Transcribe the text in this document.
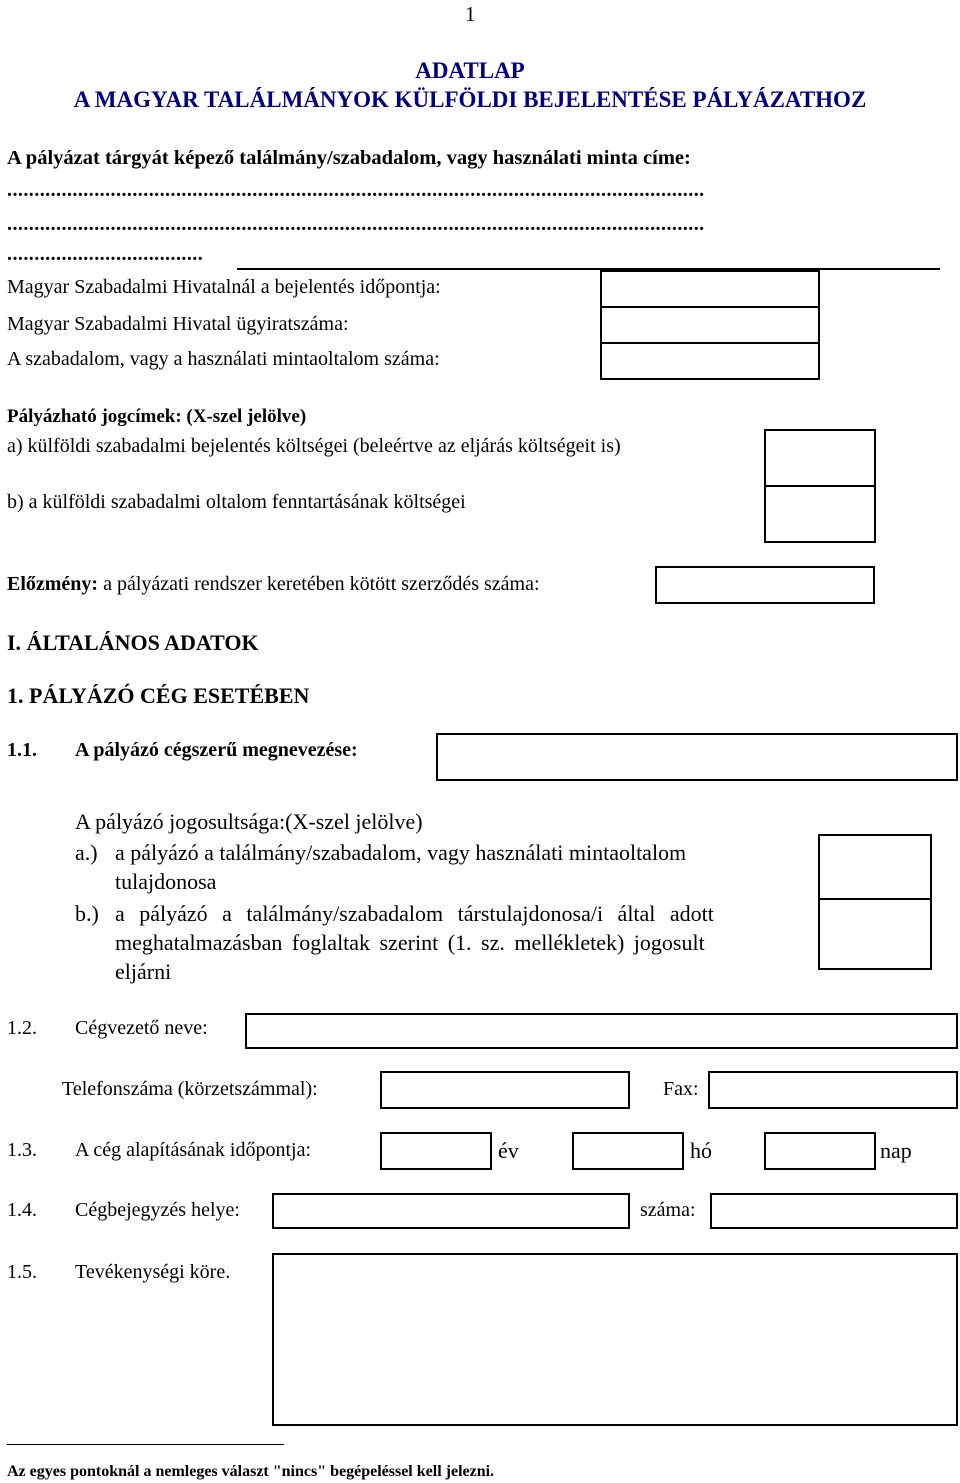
1
ADATLAP
A MAGYAR TALÁLMÁNYOK KÜLFÖLDI BEJELENTÉSE PÁLYÁZATHOZ
A pályázat tárgyát képező találmány/szabadalom, vagy használati minta címe:
................................................................................................................................
................................................................................................................................
....................................
Magyar Szabadalmi Hivatalnál a bejelentés időpontja:
Magyar Szabadalmi Hivatal ügyiratszáma:
A szabadalom, vagy a használati mintaoltalom száma:
Pályázható jogcímek: (X-szel jelölve)
a) külföldi szabadalmi bejelentés költségei (beleértve az eljárás költségeit is)
b) a külföldi szabadalmi oltalom fenntartásának költségei
Előzmény: a pályázati rendszer keretében kötött szerződés száma:
I. ÁLTALÁNOS ADATOK
1. PÁLYÁZÓ CÉG ESETÉBEN
1.1. A pályázó cégszerű megnevezése:
A pályázó jogosultsága:(X-szel jelölve)
a.) a pályázó a találmány/szabadalom, vagy használati mintaoltalom
tulajdonosa
b.) a pályázó a találmány/szabadalom társtulajdonosa/i által adott
meghatalmazásban foglaltak szerint (1. sz. mellékletek) jogosult
eljárni
1.2. Cégvezető neve:
Telefonszáma (körzetszámmal):	Fax:
1.3. A cég alapításának időpontja:	év	hó	nap
1.4. Cégbejegyzés helye:	száma:
1.5. Tevékenységi köre.
Az egyes pontoknál a nemleges választ "nincs" begépeléssel kell jelezni.
